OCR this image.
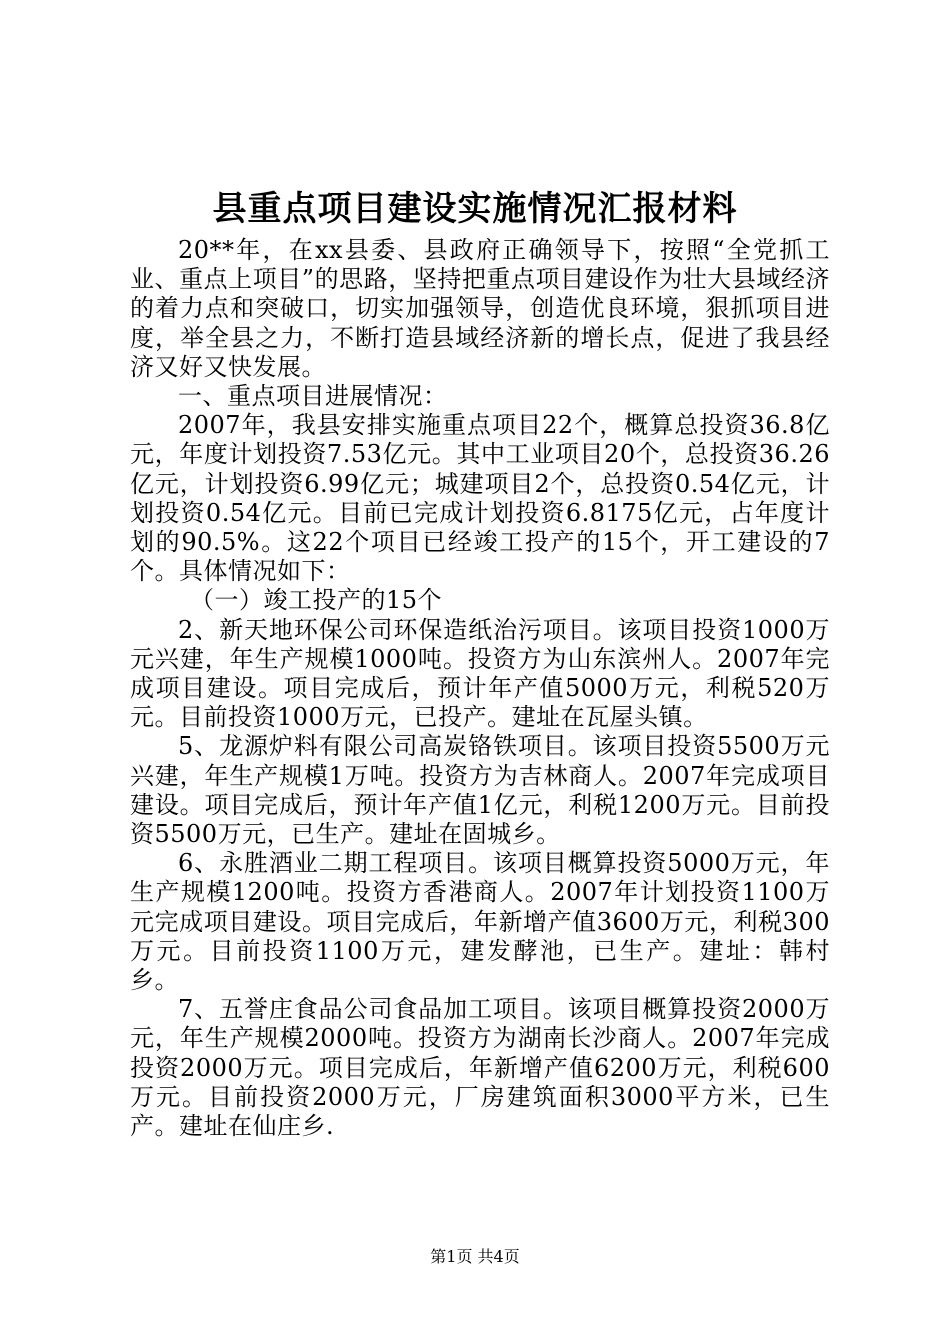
县重点项目建设实施情况汇报材料

20**年，在xx县委、县政府正确领导下，按照“全党抓工业、重点上项目”的思路，坚持把重点项目建设作为壮大县域经济的着力点和突破口，切实加强领导，创造优良环境，狠抓项目进度，举全县之力，不断打造县域经济新的增长点，促进了我县经济又好又快发展。

一、重点项目进展情况：

2007年，我县安排实施重点项目22个，概算总投资36.8亿元，年度计划投资7.53亿元。其中工业项目20个，总投资36.26亿元，计划投资6.99亿元；城建项目2个，总投资0.54亿元，计划投资0.54亿元。目前已完成计划投资6.8175亿元，占年度计划的90.5%。这22个项目已经竣工投产的15个，开工建设的7个。具体情况如下：

（一）竣工投产的15个

2、新天地环保公司环保造纸治污项目。该项目投资1000万元兴建，年生产规模1000吨。投资方为山东滨州人。2007年完成项目建设。项目完成后，预计年产值5000万元，利税520万元。目前投资1000万元，已投产。建址在瓦屋头镇。

5、龙源炉料有限公司高炭铬铁项目。该项目投资5500万元兴建，年生产规模1万吨。投资方为吉林商人。2007年完成项目建设。项目完成后，预计年产值1亿元，利税1200万元。目前投资5500万元，已生产。建址在固城乡。

6、永胜酒业二期工程项目。该项目概算投资5000万元，年生产规模1200吨。投资方香港商人。2007年计划投资1100万元完成项目建设。项目完成后，年新增产值3600万元，利税300万元。目前投资1100万元，建发酵池，已生产。建址：韩村乡。

7、五誉庄食品公司食品加工项目。该项目概算投资2000万元，年生产规模2000吨。投资方为湖南长沙商人。2007年完成投资2000万元。项目完成后，年新增产值6200万元，利税600万元。目前投资2000万元，厂房建筑面积3000平方米，已生产。建址在仙庄乡.

第1页 共4页
